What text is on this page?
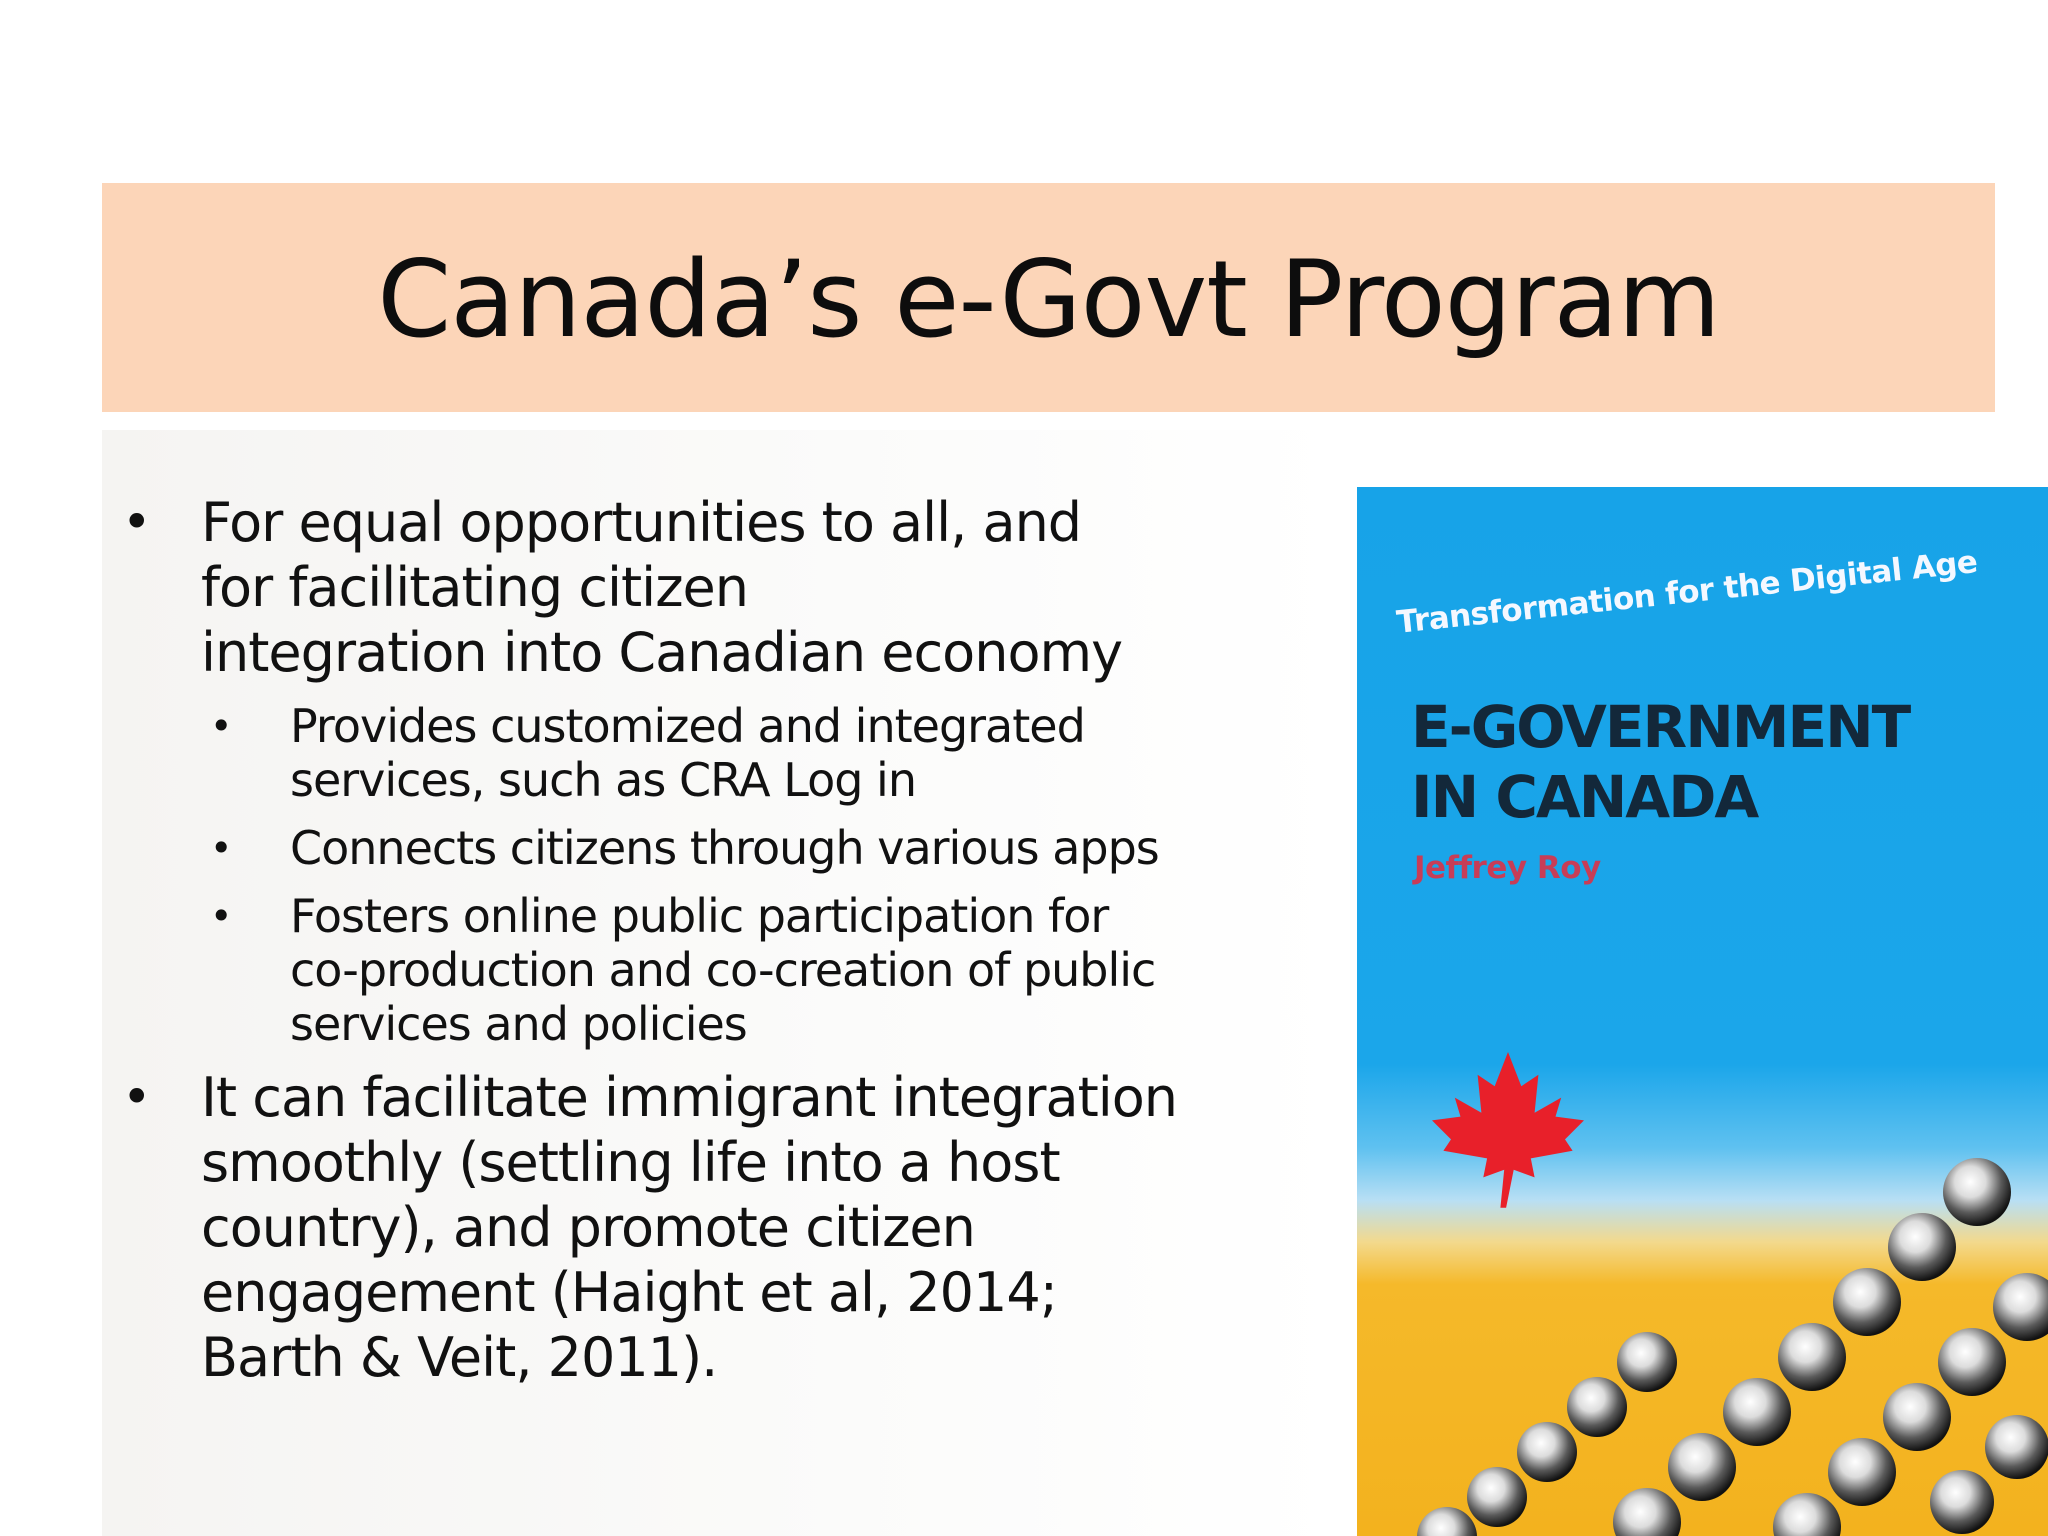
Canada’s e-Govt Program
• For equal opportunities to all, and
for facilitating citizen
integration into Canadian economy
• Provides customized and integrated
services, such as CRA Log in
• Connects citizens through various apps
• Fosters online public participation for
co-production and co-creation of public
services and policies
• It can facilitate immigrant integration
smoothly (settling life into a host
country), and promote citizen
engagement (Haight et al, 2014;
Barth & Veit, 2011).
Transformation for the Digital Age
E-GOVERNMENT
IN CANADA
Jeffrey Roy
